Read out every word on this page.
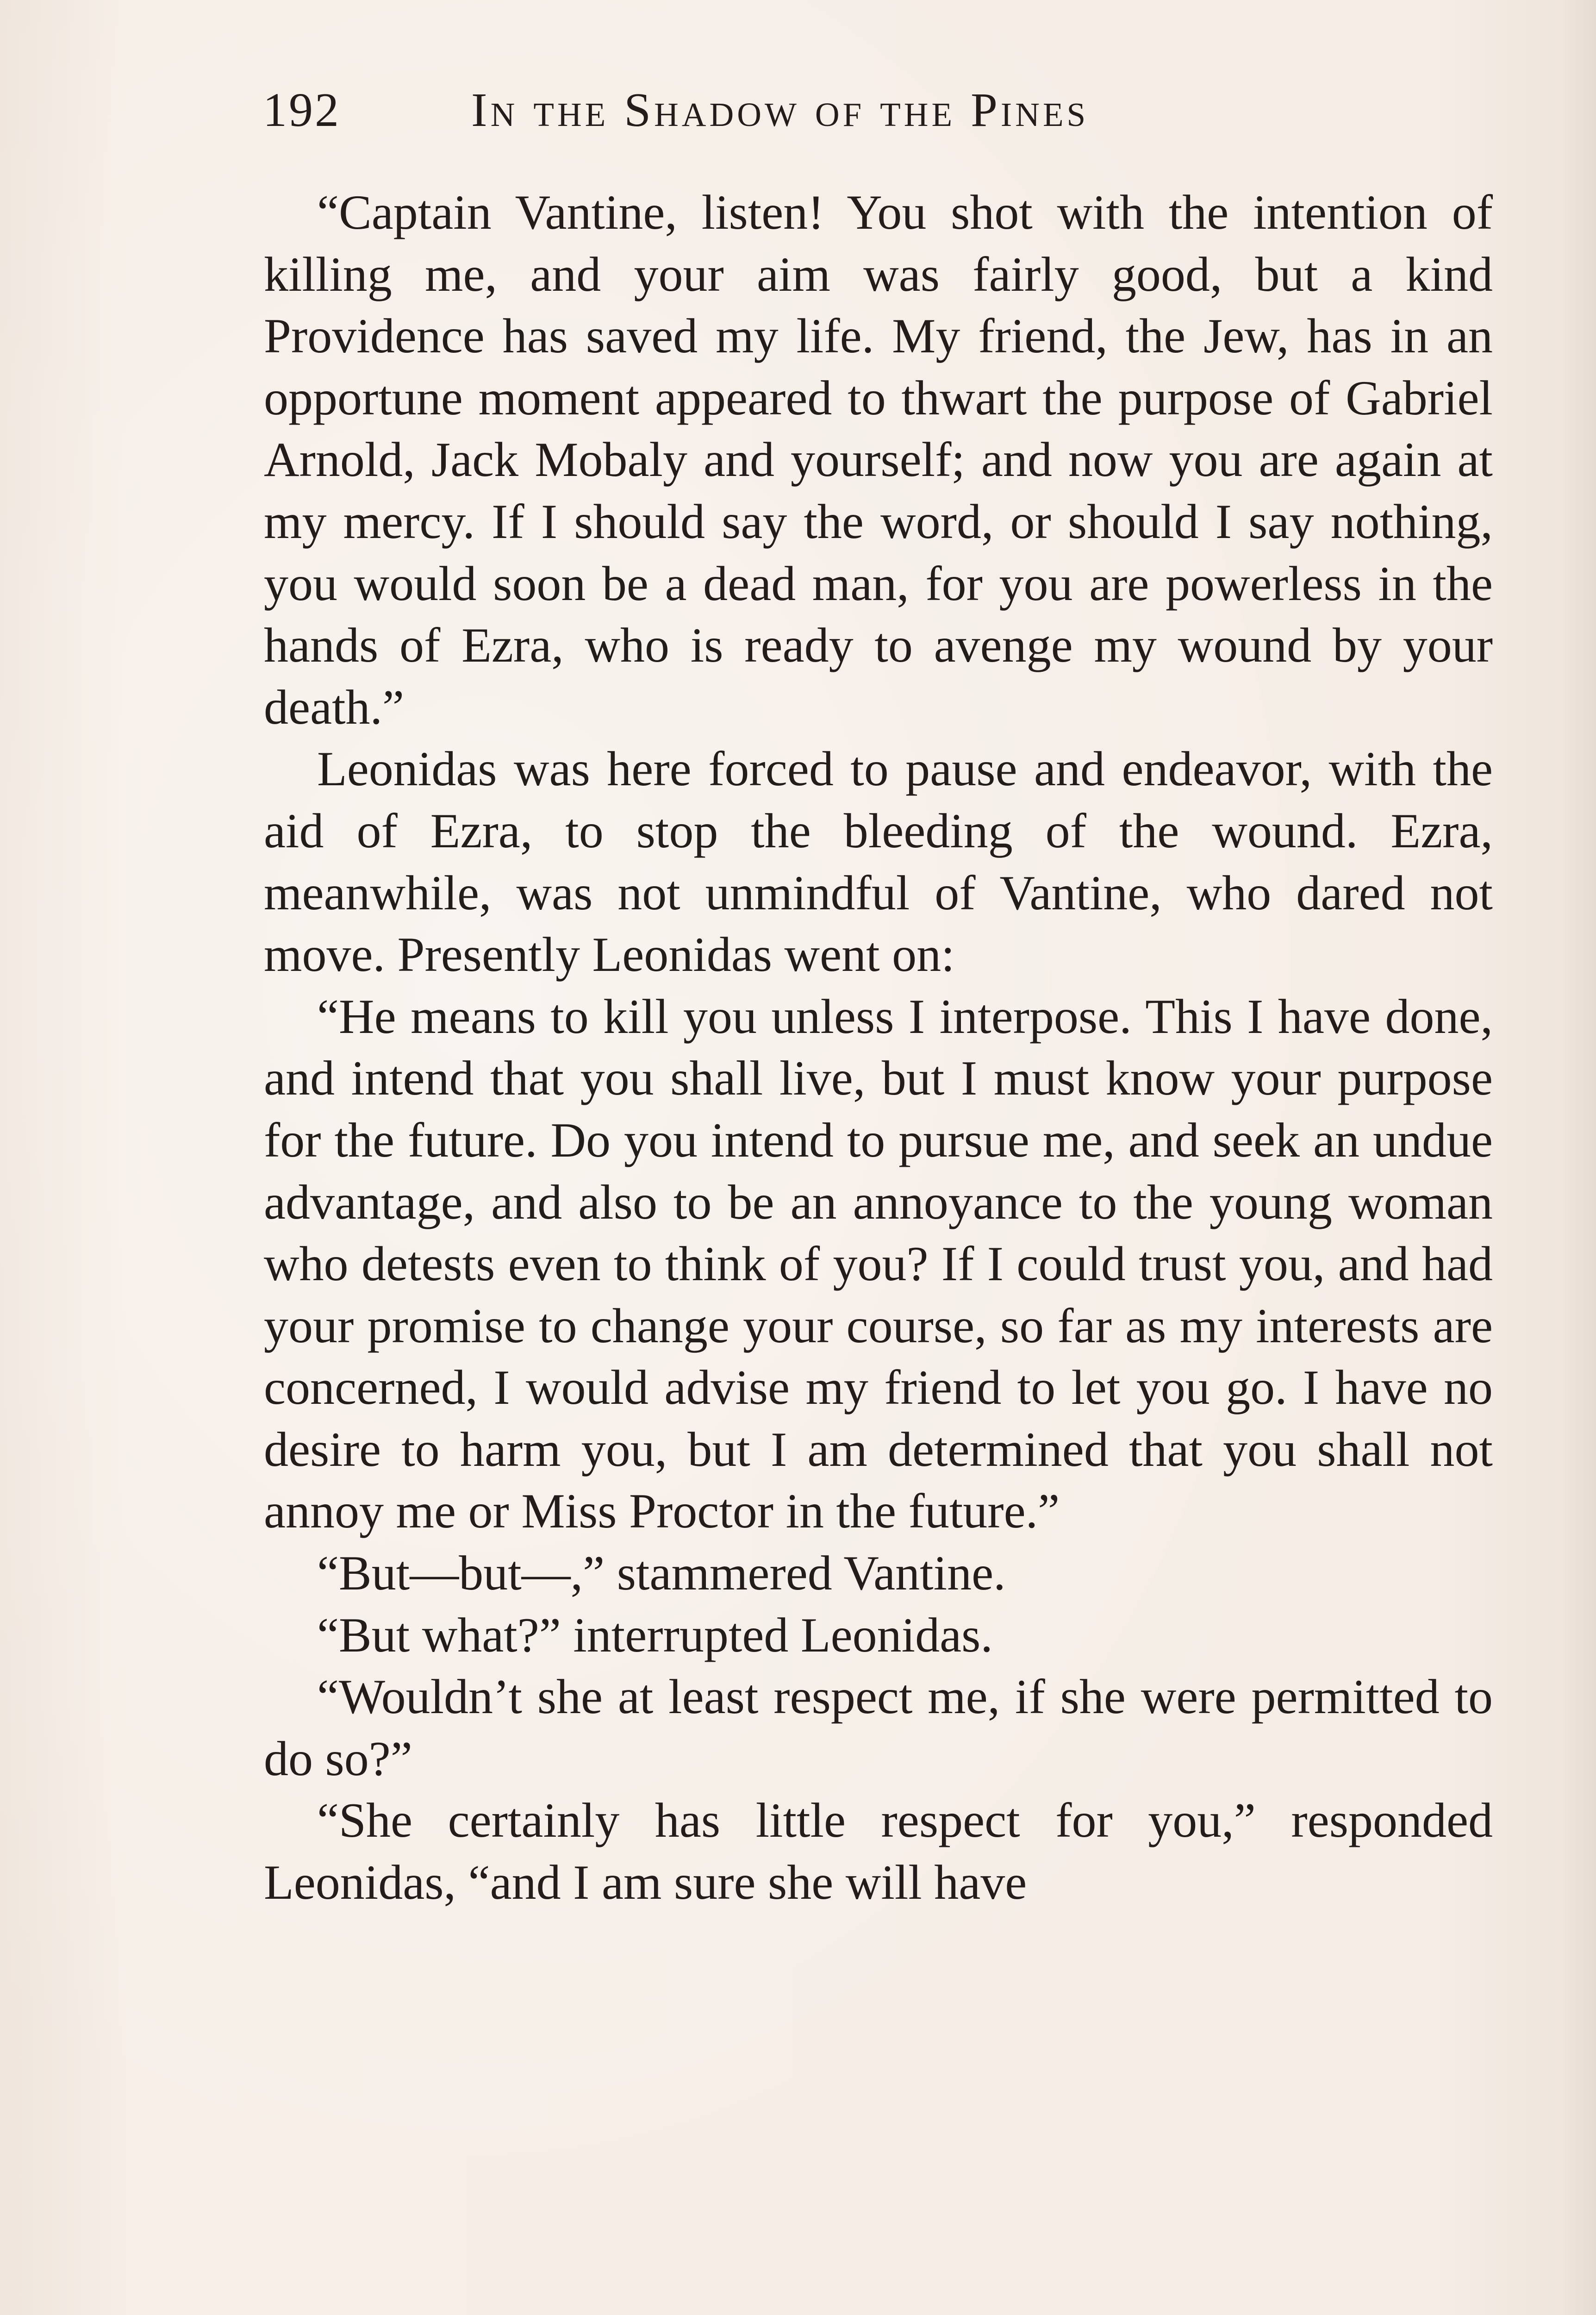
192	In the Shadow of the Pines

“Captain Vantine, listen! You shot with the intention of killing me, and your aim was fairly good, but a kind Providence has saved my life. My friend, the Jew, has in an opportune moment appeared to thwart the purpose of Gabriel Arnold, Jack Mobaly and yourself; and now you are again at my mercy. If I should say the word, or should I say nothing, you would soon be a dead man, for you are powerless in the hands of Ezra, who is ready to avenge my wound by your death.”

Leonidas was here forced to pause and endeavor, with the aid of Ezra, to stop the bleeding of the wound. Ezra, meanwhile, was not unmindful of Vantine, who dared not move. Presently Leonidas went on:

“He means to kill you unless I interpose. This I have done, and intend that you shall live, but I must know your purpose for the future. Do you intend to pursue me, and seek an undue advantage, and also to be an annoyance to the young woman who detests even to think of you? If I could trust you, and had your promise to change your course, so far as my interests are concerned, I would advise my friend to let you go. I have no desire to harm you, but I am determined that you shall not annoy me or Miss Proctor in the future.”

“But—but—,” stammered Vantine.

“But what?” interrupted Leonidas.

“Wouldn’t she at least respect me, if she were permitted to do so?”

“She certainly has little respect for you,” responded Leonidas, “and I am sure she will have
